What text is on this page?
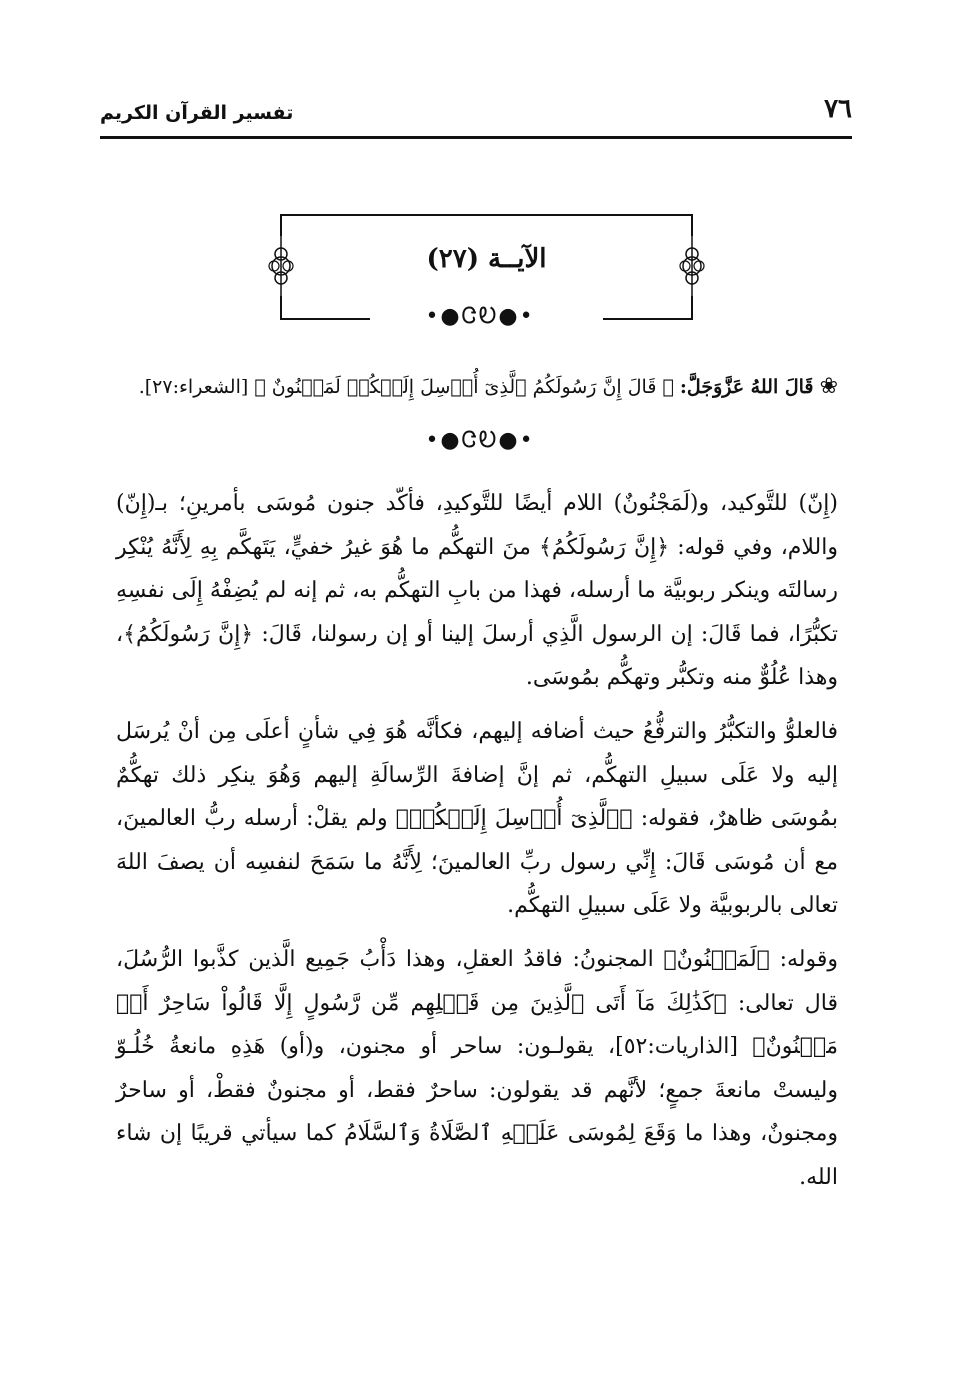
٧٦
تفسير القرآن الكريم
الآيــة (٢٧)
•●ᏣᎧ●•
❀ قَالَ اللهُ عَزَّوَجَلَّ: ﴿ قَالَ إِنَّ رَسُولَكُمُ ٱلَّذِىٓ أُرۡسِلَ إِلَيۡكُمۡ لَمَجۡنُونٌ ﴾ [الشعراء:٢٧].
•●ᏣᎧ●•

(إِنّ) للتَّوكيد، و(لَمَجْنُونٌ) اللام أيضًا للتَّوكيدِ، فأكّد جنون مُوسَى بأمرينِ؛ بـ(إِنّ) واللام، وفي قوله: ﴿إِنَّ رَسُولَكُمُ﴾ منَ التهكُّم ما هُوَ غيرُ خفيٍّ، يَتَهكَّم بِهِ لِأَنَّهُ يُنْكِر رسالتَه وينكر ربوبيَّة ما أرسله، فهذا من بابِ التهكُّم به، ثم إنه لم يُضِفْهُ إِلَى نفسِهِ تكبُّرًا، فما قَالَ: إن الرسول الَّذِي أرسلَ إلينا أو إن رسولنا، قَالَ: ﴿إِنَّ رَسُولَكُمُ﴾، وهذا عُلُوٌّ منه وتكبُّر وتهكُّم بمُوسَى.

فالعلوُّ والتكبُّرُ والترفُّعُ حيث أضافه إليهم، فكأنَّه هُوَ فِي شأنٍ أعلَى مِن أنْ يُرسَل إليه ولا عَلَى سبيلِ التهكُّم، ثم إنَّ إضافةَ الرِّسالَةِ إليهم وَهُوَ ينكِر ذلك تهكُّمٌ بمُوسَى ظاهرٌ، فقوله: ﴿ٱلَّذِىٓ أُرۡسِلَ إِلَيۡكُمۡ﴾ ولم يقلْ: أرسله ربُّ العالمينَ، مع أن مُوسَى قَالَ: إِنِّي رسول ربِّ العالمينَ؛ لِأَنَّهُ ما سَمَحَ لنفسِه أن يصفَ اللهَ تعالى بالربوبيَّة ولا عَلَى سبيلِ التهكُّم.

وقوله: ﴿لَمَجۡنُونٌ﴾ المجنونُ: فاقدُ العقلِ، وهذا دَأْبُ جَمِيع الَّذين كذَّبوا الرُّسُلَ، قال تعالى: ﴿كَذَٰلِكَ مَآ أَتَى ٱلَّذِينَ مِن قَبۡلِهِم مِّن رَّسُولٍ إِلَّا قَالُواْ سَاحِرٌ أَوۡ مَجۡنُونٌ﴾ [الذاريات:٥٢]، يقولـون: ساحر أو مجنون، و(أو) هَذِهِ مانعةُ خُلُـوّ وليستْ مانعةَ جمعٍ؛ لأنَّهم قد يقولون: ساحرٌ فقط، أو مجنونٌ فقطْ، أو ساحرٌ ومجنونٌ، وهذا ما وَقَعَ لِمُوسَى عَلَيۡهِ ٱلصَّلَاةُ وَٱلسَّلَامُ كما سيأتي قريبًا إن شاء الله.
